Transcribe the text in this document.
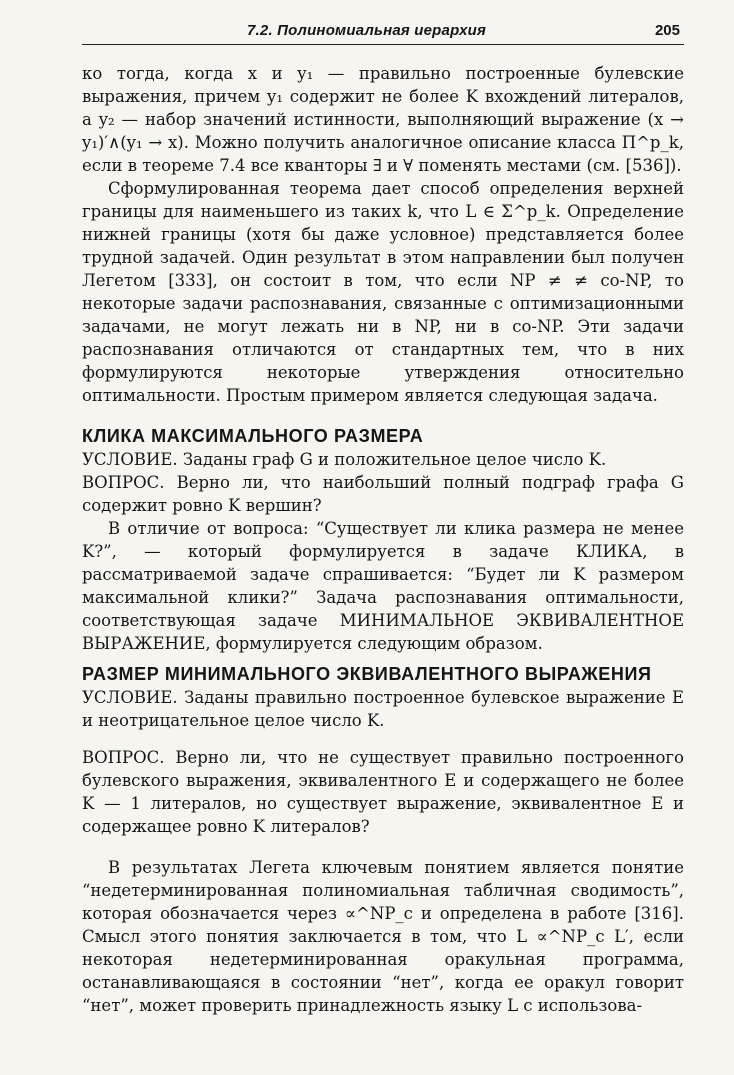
7.2. Полиномиальная иерархия	205

ко тогда, когда x и y₁ — правильно построенные булевские выражения, причем y₁ содержит не более K вхождений литералов, а y₂ — набор значений истинности, выполняющий выражение (x → y₁)′∧(y₁ → x). Можно получить аналогичное описание класса Π^p_k, если в теореме 7.4 все кванторы ∃ и ∀ поменять местами (см. [536]).

Сформулированная теорема дает способ определения верхней границы для наименьшего из таких k, что L ∈ Σ^p_k. Определение нижней границы (хотя бы даже условное) представляется более трудной задачей. Один результат в этом направлении был получен Легетом [333], он состоит в том, что если NP ≠ ≠ co-NP, то некоторые задачи распознавания, связанные с оптимизационными задачами, не могут лежать ни в NP, ни в co-NP. Эти задачи распознавания отличаются от стандартных тем, что в них формулируются некоторые утверждения относительно оптимальности. Простым примером является следующая задача.

КЛИКА МАКСИМАЛЬНОГО РАЗМЕРА

УСЛОВИЕ. Заданы граф G и положительное целое число K.

ВОПРОС. Верно ли, что наибольший полный подграф графа G содержит ровно K вершин?

В отличие от вопроса: “Существует ли клика размера не менее K?”, — который формулируется в задаче КЛИКА, в рассматриваемой задаче спрашивается: “Будет ли K размером максимальной клики?” Задача распознавания оптимальности, соответствующая задаче МИНИМАЛЬНОЕ ЭКВИВАЛЕНТНОЕ ВЫРАЖЕНИЕ, формулируется следующим образом.

РАЗМЕР МИНИМАЛЬНОГО ЭКВИВАЛЕНТНОГО ВЫРАЖЕНИЯ

УСЛОВИЕ. Заданы правильно построенное булевское выражение E и неотрицательное целое число K.

ВОПРОС. Верно ли, что не существует правильно построенного булевского выражения, эквивалентного E и содержащего не более K — 1 литералов, но существует выражение, эквивалентное E и содержащее ровно K литералов?

В результатах Легета ключевым понятием является понятие “недетерминированная полиномиальная табличная сводимость”, которая обозначается через ∝^NP_c и определена в работе [316]. Смысл этого понятия заключается в том, что L ∝^NP_c L′, если некоторая недетерминированная оракульная программа, останавливающаяся в состоянии “нет”, когда ее оракул говорит “нет”, может проверить принадлежность языку L с использова-
